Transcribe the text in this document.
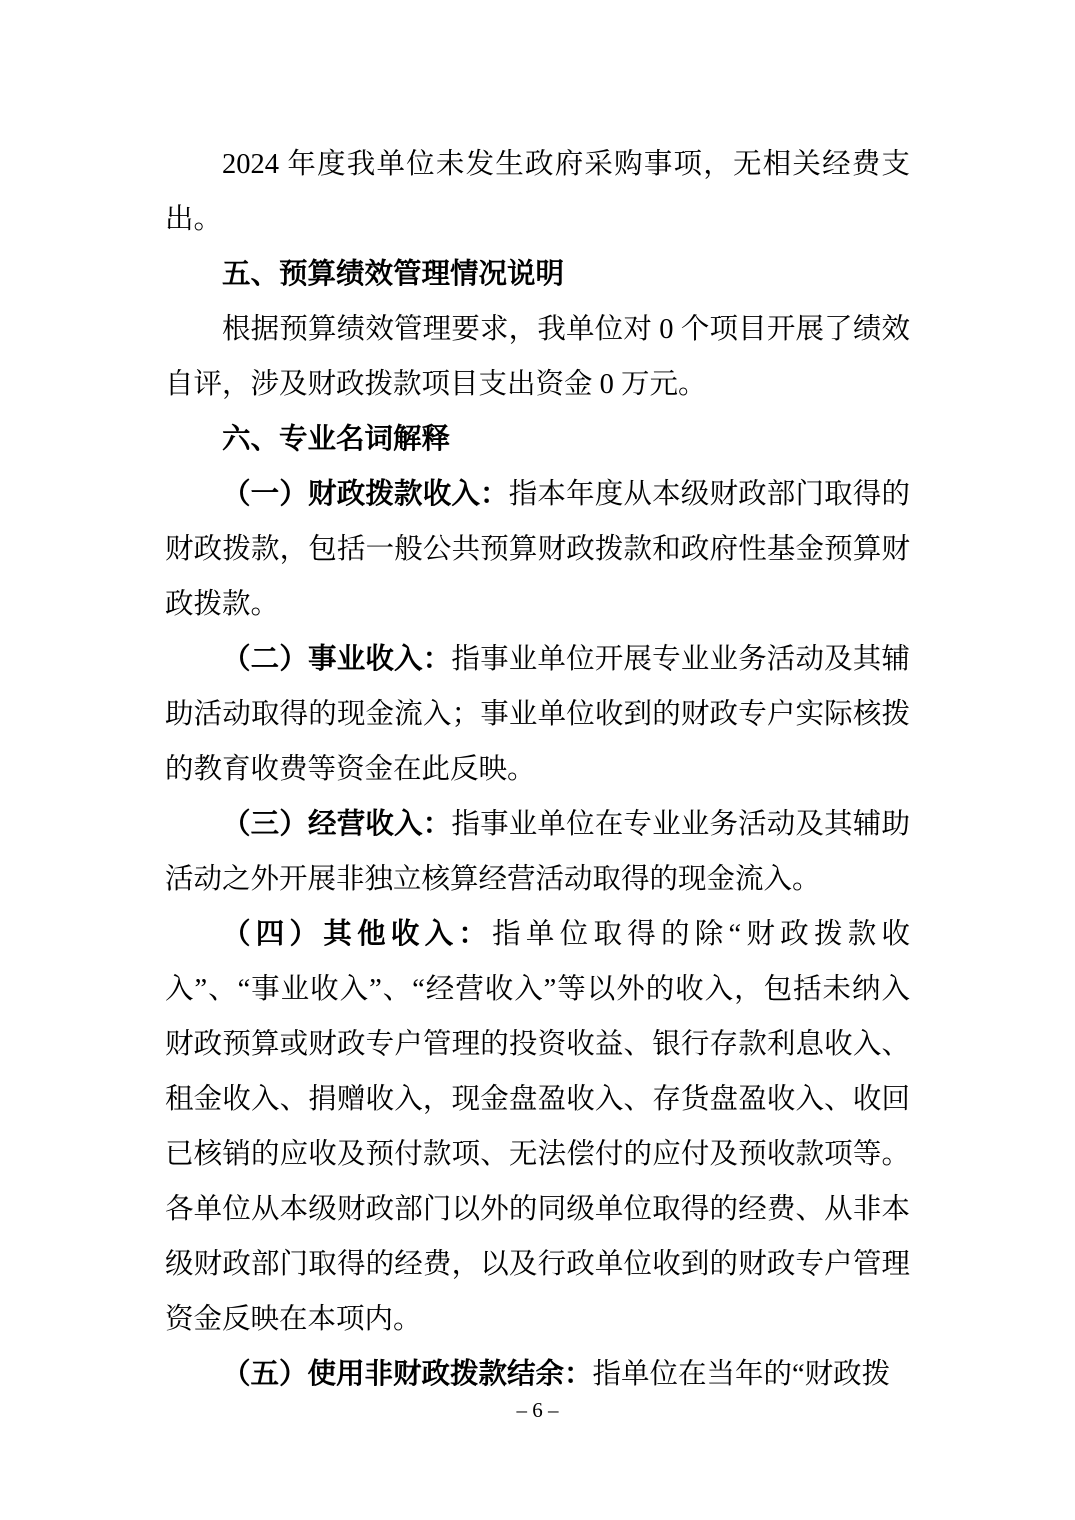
2024 年度我单位未发生政府采购事项，无相关经费支出。

五、预算绩效管理情况说明

根据预算绩效管理要求，我单位对 0 个项目开展了绩效自评，涉及财政拨款项目支出资金 0 万元。

六、专业名词解释

（一）财政拨款收入：指本年度从本级财政部门取得的财政拨款，包括一般公共预算财政拨款和政府性基金预算财政拨款。

（二）事业收入：指事业单位开展专业业务活动及其辅助活动取得的现金流入；事业单位收到的财政专户实际核拨的教育收费等资金在此反映。

（三）经营收入：指事业单位在专业业务活动及其辅助活动之外开展非独立核算经营活动取得的现金流入。

（四）其他收入：指单位取得的除“财政拨款收入”、“事业收入”、“经营收入”等以外的收入，包括未纳入财政预算或财政专户管理的投资收益、银行存款利息收入、租金收入、捐赠收入，现金盘盈收入、存货盘盈收入、收回已核销的应收及预付款项、无法偿付的应付及预收款项等。各单位从本级财政部门以外的同级单位取得的经费、从非本级财政部门取得的经费，以及行政单位收到的财政专户管理资金反映在本项内。

（五）使用非财政拨款结余：指单位在当年的“财政拨

– 6 –
